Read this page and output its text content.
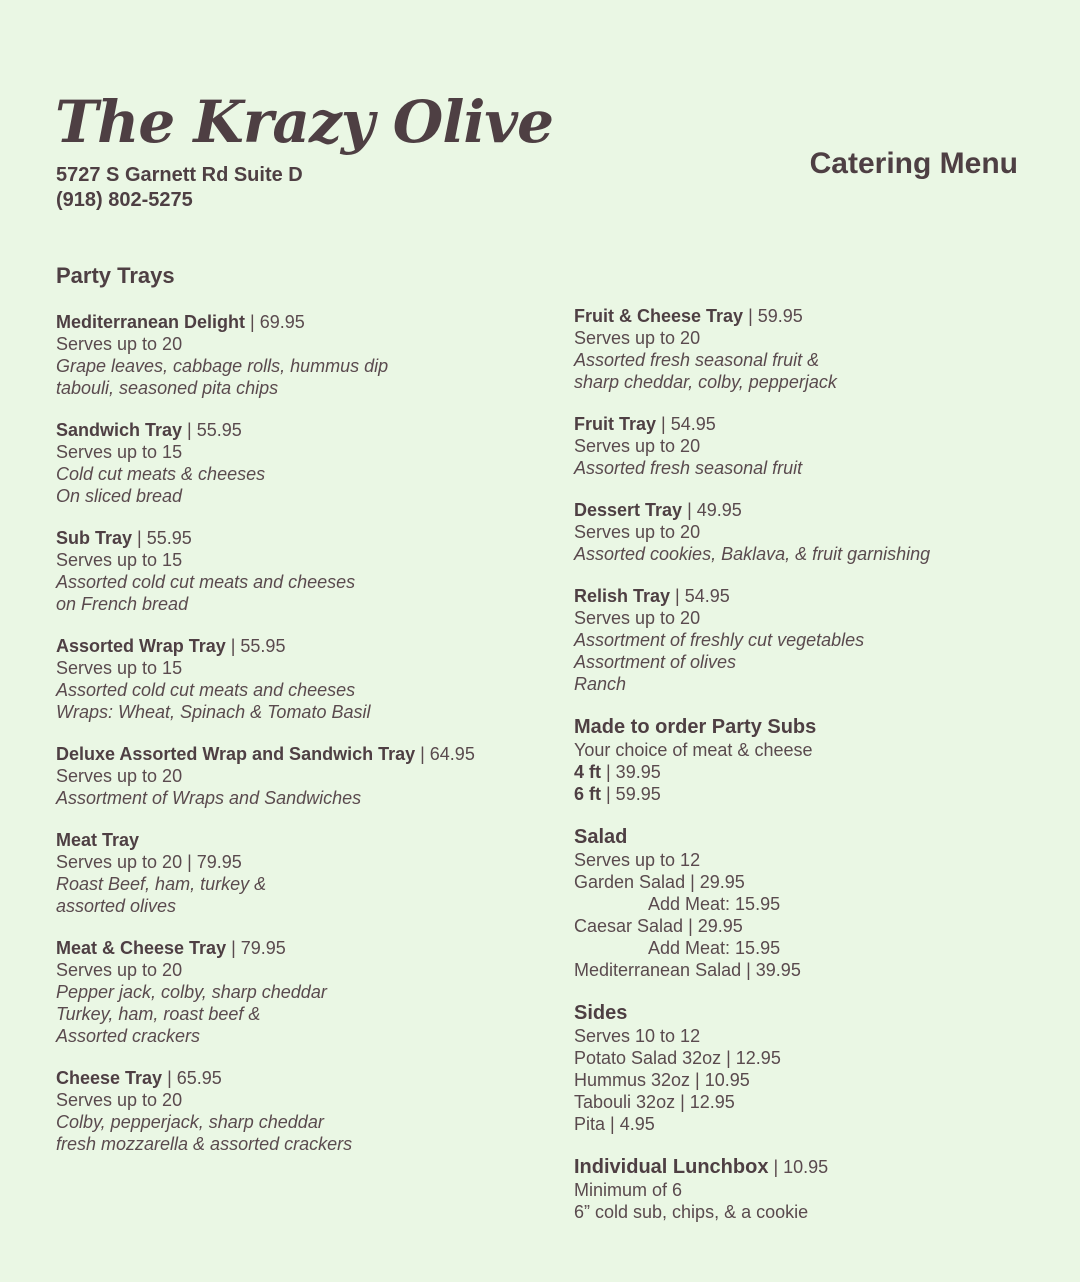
The Krazy Olive
5727 S Garnett Rd Suite D
(918) 802-5275
Catering Menu
Party Trays
Mediterranean Delight | 69.95
Serves up to 20
Grape leaves, cabbage rolls, hummus dip
tabouli, seasoned pita chips
Sandwich Tray | 55.95
Serves up to 15
Cold cut meats & cheeses
On sliced bread
Sub Tray | 55.95
Serves up to 15
Assorted cold cut meats and cheeses
on French bread
Assorted Wrap Tray | 55.95
Serves up to 15
Assorted cold cut meats and cheeses
Wraps: Wheat, Spinach & Tomato Basil
Deluxe Assorted Wrap and Sandwich Tray | 64.95
Serves up to 20
Assortment of Wraps and Sandwiches
Meat Tray
Serves up to 20 | 79.95
Roast Beef, ham, turkey &
assorted olives
Meat & Cheese Tray | 79.95
Serves up to 20
Pepper jack, colby, sharp cheddar
Turkey, ham, roast beef &
Assorted crackers
Cheese Tray | 65.95
Serves up to 20
Colby, pepperjack, sharp cheddar
fresh mozzarella & assorted crackers
Fruit & Cheese Tray | 59.95
Serves up to 20
Assorted fresh seasonal fruit &
sharp cheddar, colby, pepperjack
Fruit Tray | 54.95
Serves up to 20
Assorted fresh seasonal fruit
Dessert Tray | 49.95
Serves up to 20
Assorted cookies, Baklava, & fruit garnishing
Relish Tray | 54.95
Serves up to 20
Assortment of freshly cut vegetables
Assortment of olives
Ranch
Made to order Party Subs
Your choice of meat & cheese
4 ft | 39.95
6 ft | 59.95
Salad
Serves up to 12
Garden Salad | 29.95
Add Meat: 15.95
Caesar Salad | 29.95
Add Meat: 15.95
Mediterranean Salad | 39.95
Sides
Serves 10 to 12
Potato Salad 32oz | 12.95
Hummus 32oz | 10.95
Tabouli 32oz | 12.95
Pita | 4.95
Individual Lunchbox | 10.95
Minimum of 6
6” cold sub, chips, & a cookie
